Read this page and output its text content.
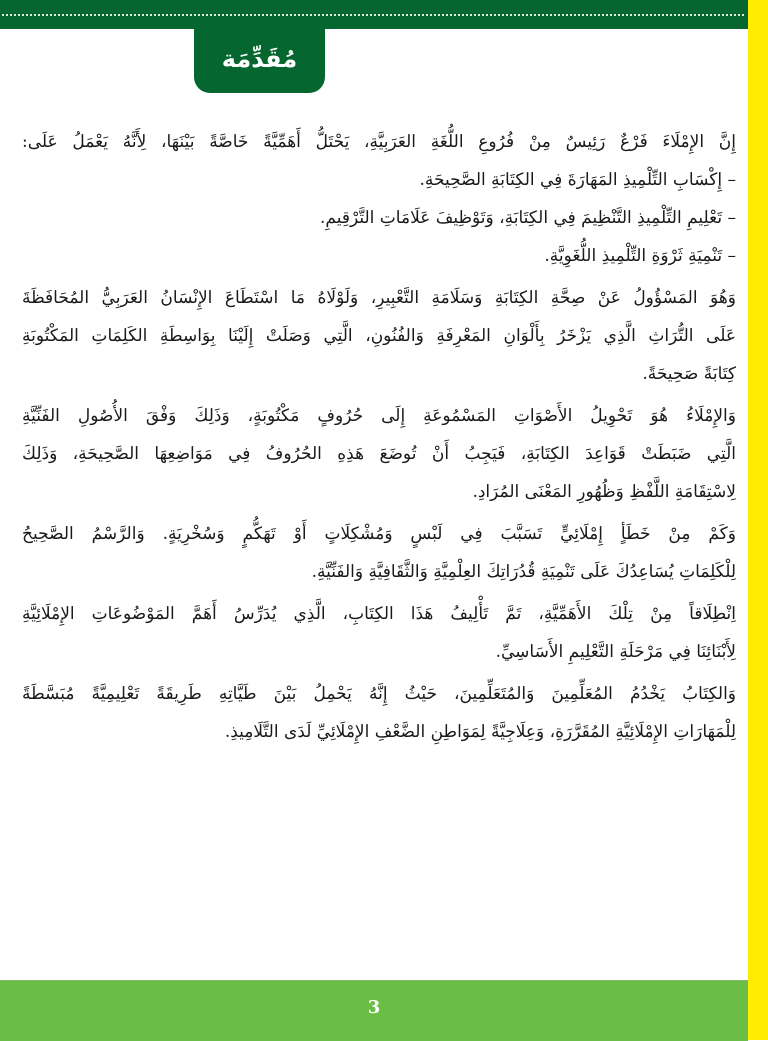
مُقَدِّمَة
إِنَّ الإِمْلَاءَ فَرْعٌ رَئِيسٌ مِنْ فُرُوعِ اللُّغَةِ العَرَبِيَّةِ، يَحْتَلُّ أَهَمِّيَّةً خَاصَّةً بَيْنَهَا، لِأَنَّهُ يَعْمَلُ عَلَى:
– إِكْسَابِ التِّلْمِيذِ المَهَارَةَ فِي الكِتَابَةِ الصَّحِيحَةِ.
– تَعْلِيمِ التِّلْمِيذِ التَّنْظِيمَ فِي الكِتَابَةِ، وَتَوْظِيفَ عَلَامَاتِ التَّرْقِيمِ.
– تَنْمِيَةِ ثَرْوَةِ التِّلْمِيذِ اللُّغَوِيَّةِ.
وَهُوَ المَسْؤُولُ عَنْ صِحَّةِ الكِتَابَةِ وَسَلَامَةِ التَّعْبِيرِ، وَلَوْلَاهُ مَا اسْتَطَاعَ الإِنْسَانُ العَرَبِيُّ المُحَافَظَةَ
عَلَى التُّرَاثِ الَّذِي يَزْخَرُ بِأَلْوَانِ المَعْرِفَةِ وَالفُنُونِ، الَّتِي وَصَلَتْ إِلَيْنَا بِوَاسِطَةِ الكَلِمَاتِ المَكْتُوبَةِ
كِتَابَةً صَحِيحَةً.
وَالإِمْلَاءُ هُوَ تَحْوِيلُ الأَصْوَاتِ المَسْمُوعَةِ إِلَى حُرُوفٍ مَكْتُوبَةٍ، وَذَلِكَ وَفْقَ الأُصُولِ الفَنِّيَّةِ
الَّتِي ضَبَطَتْ قَوَاعِدَ الكِتَابَةِ، فَيَجِبُ أَنْ تُوضَعَ هَذِهِ الحُرُوفُ فِي مَوَاضِعِهَا الصَّحِيحَةِ، وَذَلِكَ
لِاسْتِقَامَةِ اللَّفْظِ وَظُهُورِ المَعْنَى المُرَادِ.
وَكَمْ مِنْ خَطَأٍ إِمْلَائِيٍّ تَسَبَّبَ فِي لَبْسٍ وَمُشْكِلَاتٍ أَوْ تَهَكُّمٍ وَسُخْرِيَةٍ. وَالرَّسْمُ الصَّحِيحُ
لِلْكَلِمَاتِ يُسَاعِدُكَ عَلَى تَنْمِيَةِ قُدُرَاتِكَ العِلْمِيَّةِ وَالثَّقَافِيَّةِ وَالفَنِّيَّةِ.
اِنْطِلَاقاً مِنْ تِلْكَ الأَهَمِّيَّةِ، تَمَّ تَأْلِيفُ هَذَا الكِتَابِ، الَّذِي يُدَرِّسُ أَهَمَّ المَوْضُوعَاتِ الإِمْلَائِيَّةِ
لِأَبْنَائِنَا فِي مَرْحَلَةِ التَّعْلِيمِ الأَسَاسِيِّ.
وَالكِتَابُ يَخْدُمُ المُعَلِّمِينَ وَالمُتَعَلِّمِينَ، حَيْثُ إِنَّهُ يَحْمِلُ بَيْنَ طَيَّاتِهِ طَرِيقَةً تَعْلِيمِيَّةً مُبَسَّطَةً
لِلْمَهَارَاتِ الإِمْلَائِيَّةِ المُقَرَّرَةِ، وَعِلَاجِيَّةً لِمَوَاطِنِ الضَّعْفِ الإِمْلَائِيِّ لَدَى التَّلَامِيذِ.
3
